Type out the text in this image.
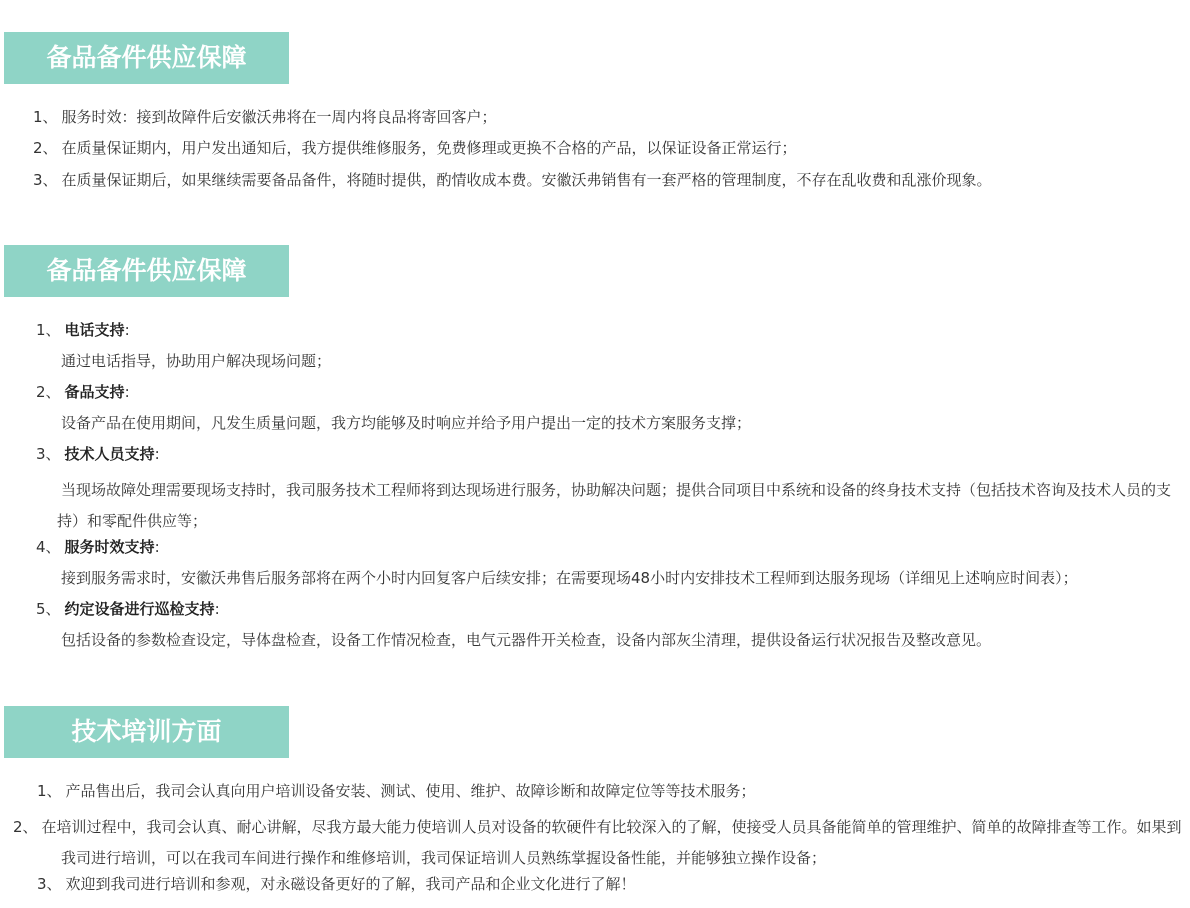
备品备件供应保障
1、 服务时效：接到故障件后安徽沃弗将在一周内将良品将寄回客户；
2、 在质量保证期内，用户发出通知后，我方提供维修服务，免费修理或更换不合格的产品，以保证设备正常运行；
3、 在质量保证期后，如果继续需要备品备件，将随时提供，酌情收成本费。安徽沃弗销售有一套严格的管理制度，不存在乱收费和乱涨价现象。
备品备件供应保障
1、 电话支持:
通过电话指导，协助用户解决现场问题；
2、 备品支持:
设备产品在使用期间，凡发生质量问题，我方均能够及时响应并给予用户提出一定的技术方案服务支撑；
3、 技术人员支持:
当现场故障处理需要现场支持时，我司服务技术工程师将到达现场进行服务，协助解决问题；提供合同项目中系统和设备的终身技术支持（包括技术咨询及技术人员的支持）和零配件供应等；
4、 服务时效支持:
接到服务需求时，安徽沃弗售后服务部将在两个小时内回复客户后续安排；在需要现场48小时内安排技术工程师到达服务现场（详细见上述响应时间表）；
5、 约定设备进行巡检支持:
包括设备的参数检查设定，导体盘检查，设备工作情况检查，电气元器件开关检查，设备内部灰尘清理，提供设备运行状况报告及整改意见。
技术培训方面
1、 产品售出后，我司会认真向用户培训设备安装、测试、使用、维护、故障诊断和故障定位等等技术服务；
2、 在培训过程中，我司会认真、耐心讲解，尽我方最大能力使培训人员对设备的软硬件有比较深入的了解，使接受人员具备能简单的管理维护、简单的故障排查等工作。如果到我司进行培训，可以在我司车间进行操作和维修培训，我司保证培训人员熟练掌握设备性能，并能够独立操作设备；
3、 欢迎到我司进行培训和参观，对永磁设备更好的了解，我司产品和企业文化进行了解！
